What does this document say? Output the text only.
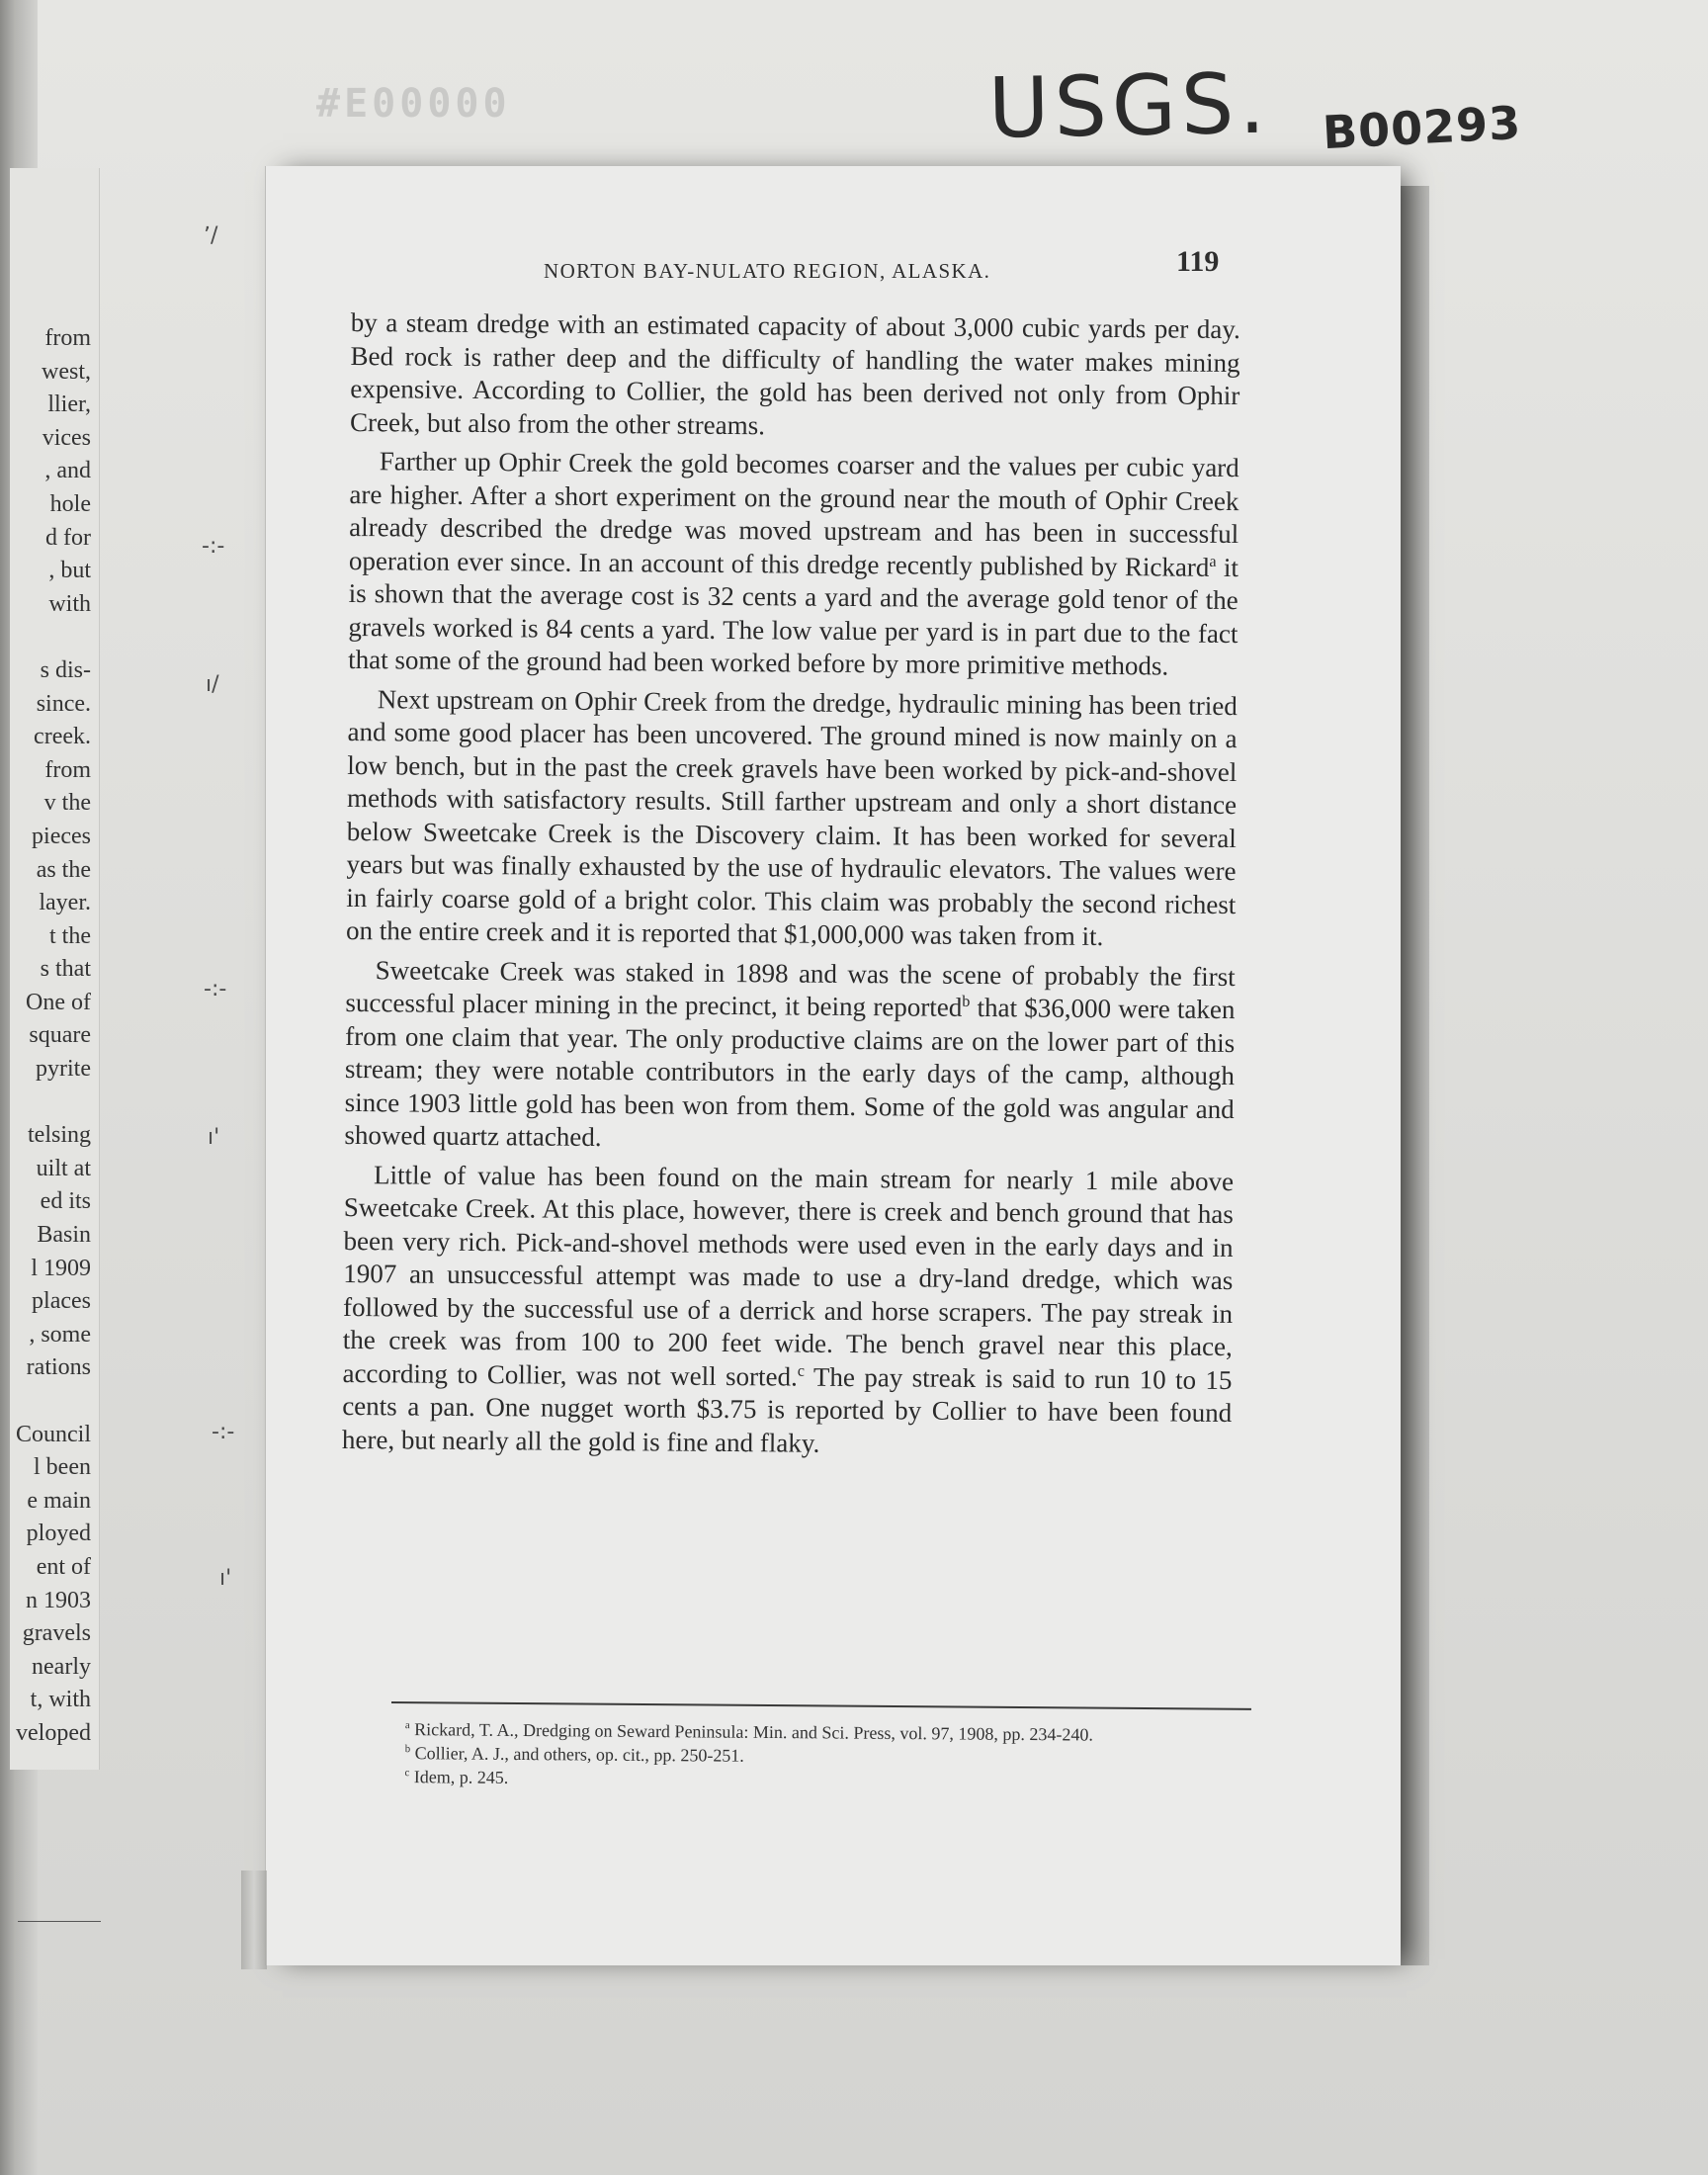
from
west,
llier,
vices
, and
hole
d for
, but
with

s dis-
since.
creek.
from
v the
pieces
as the
layer.
t the
s that
One of
square
pyrite

telsing
uilt at
ed its
Basin
l 1909
places
, some
rations

Council
l been
e main
ployed
ent of
n 1903
gravels
nearly
t, with
veloped
ʼ/
-:-
ı/
-:-
ı'
-:-
ı'
#E00000	USGS. B00293
NORTON BAY-NULATO REGION, ALASKA.	119

by a steam dredge with an estimated capacity of about 3,000 cubic yards per day. Bed rock is rather deep and the difficulty of handling the water makes mining expensive. According to Collier, the gold has been derived not only from Ophir Creek, but also from the other streams.

Farther up Ophir Creek the gold becomes coarser and the values per cubic yard are higher. After a short experiment on the ground near the mouth of Ophir Creek already described the dredge was moved upstream and has been in successful operation ever since. In an account of this dredge recently published by Rickard$^a$ it is shown that the average cost is 32 cents a yard and the average gold tenor of the gravels worked is 84 cents a yard. The low value per yard is in part due to the fact that some of the ground had been worked before by more primitive methods.

Next upstream on Ophir Creek from the dredge, hydraulic mining has been tried and some good placer has been uncovered. The ground mined is now mainly on a low bench, but in the past the creek gravels have been worked by pick-and-shovel methods with satisfactory results. Still farther upstream and only a short distance below Sweetcake Creek is the Discovery claim. It has been worked for several years but was finally exhausted by the use of hydraulic elevators. The values were in fairly coarse gold of a bright color. This claim was probably the second richest on the entire creek and it is reported that $1,000,000 was taken from it.

Sweetcake Creek was staked in 1898 and was the scene of probably the first successful placer mining in the precinct, it being reported$^b$ that $36,000 were taken from one claim that year. The only productive claims are on the lower part of this stream; they were notable contributors in the early days of the camp, although since 1903 little gold has been won from them. Some of the gold was angular and showed quartz attached.

Little of value has been found on the main stream for nearly 1 mile above Sweetcake Creek. At this place, however, there is creek and bench ground that has been very rich. Pick-and-shovel methods were used even in the early days and in 1907 an unsuccessful attempt was made to use a dry-land dredge, which was followed by the successful use of a derrick and horse scrapers. The pay streak in the creek was from 100 to 200 feet wide. The bench gravel near this place, according to Collier, was not well sorted.$^c$ The pay streak is said to run 10 to 15 cents a pan. One nugget worth $3.75 is reported by Collier to have been found here, but nearly all the gold is fine and flaky.

$^a$ Rickard, T. A., Dredging on Seward Peninsula: Min. and Sci. Press, vol. 97, 1908, pp. 234-240.

$^b$ Collier, A. J., and others, op. cit., pp. 250-251.

$^c$ Idem, p. 245.
